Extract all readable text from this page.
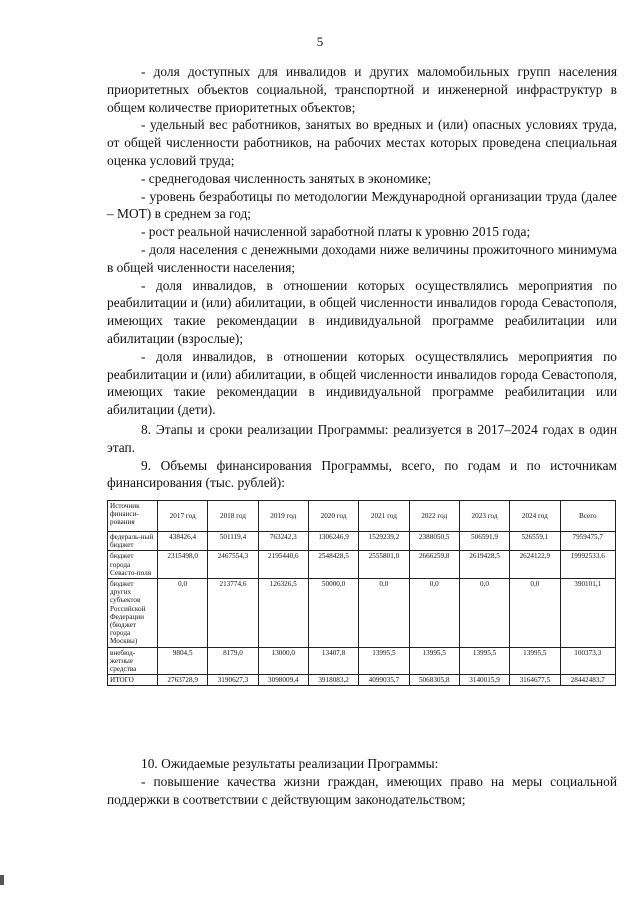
5

- доля доступных для инвалидов и других маломобильных групп населения приоритетных объектов социальной, транспортной и инженерной инфраструктур в общем количестве приоритетных объектов;

- удельный вес работников, занятых во вредных и (или) опасных условиях труда, от общей численности работников, на рабочих местах которых проведена специальная оценка условий труда;

- среднегодовая численность занятых в экономике;

- уровень безработицы по методологии Международной организации труда (далее – МОТ) в среднем за год;

- рост реальной начисленной заработной платы к уровню 2015 года;

- доля населения с денежными доходами ниже величины прожиточного минимума в общей численности населения;

- доля инвалидов, в отношении которых осуществлялись мероприятия по реабилитации и (или) абилитации, в общей численности инвалидов города Севастополя, имеющих такие рекомендации в индивидуальной программе реабилитации или абилитации (взрослые);

- доля инвалидов, в отношении которых осуществлялись мероприятия по реабилитации и (или) абилитации, в общей численности инвалидов города Севастополя, имеющих такие рекомендации в индивидуальной программе реабилитации или абилитации (дети).

8. Этапы и сроки реализации Программы: реализуется в 2017–2024 годах в один этап.

9. Объемы финансирования Программы, всего, по годам и по источникам финансирования (тыс. рублей):

Источник финанси-рования	2017 год	2018 год	2019 год	2020 год	2021 год	2022 год	2023 год	2024 год	Всего
федераль-ный бюджет	438426,4	501119,4	763242,3	1306246,9	1529239,2	2388050,5	506591,9	526559,1	7959475,7
бюджет города Севасто-поля	2315498,0	2467554,3	2195440,6	2548428,5	2555801,0	2666259,8	2619428,5	2624122,9	19992533,6
бюджет других субъектов Российской Федерации (бюджет города Москвы)	0,0	213774,6	126326,5	50000,0	0,0	0,0	0,0	0,0	390101,1
внебюд-жетные средства	9804,5	8179,0	13000,0	13407,8	13995,5	13995,5	13995,5	13995,5	100373,3
ИТОГО	2763728,9	3190627,3	3098009,4	3918083,2	4099035,7	5068305,8	3140015,9	3164677,5	28442483,7

10. Ожидаемые результаты реализации Программы:

- повышение качества жизни граждан, имеющих право на меры социальной поддержки в соответствии с действующим законодательством;
